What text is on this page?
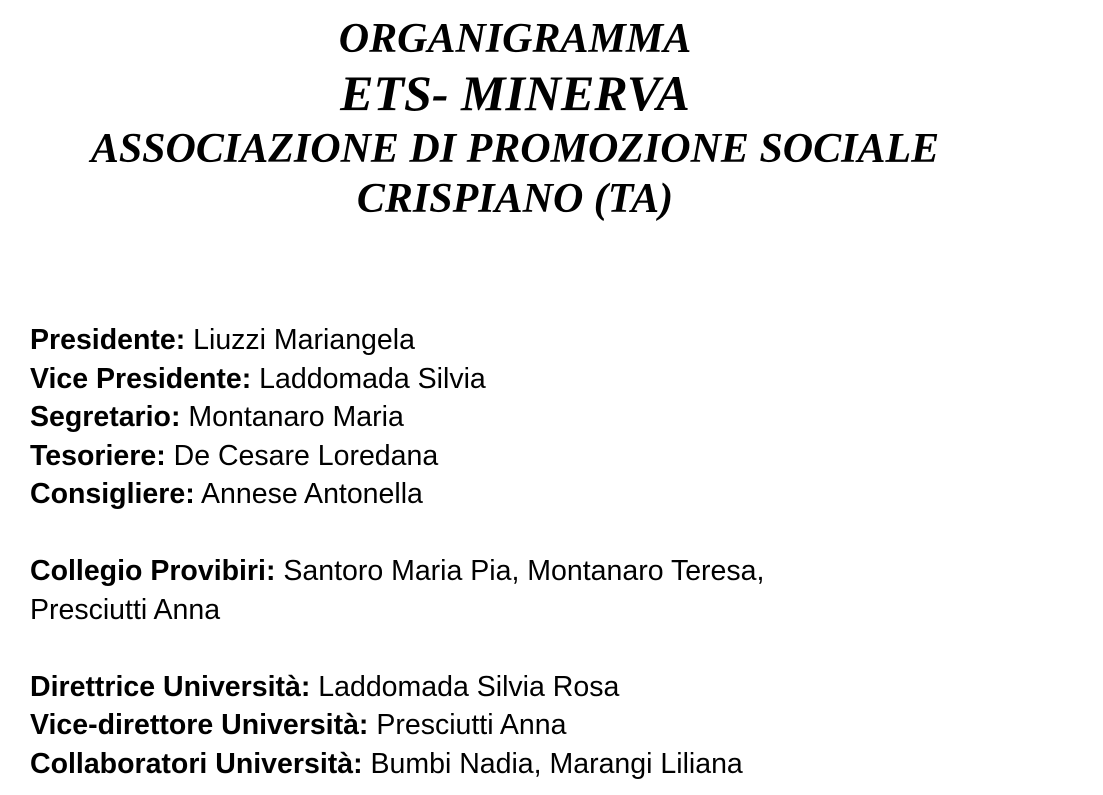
ORGANIGRAMMA
ETS- MINERVA
ASSOCIAZIONE DI PROMOZIONE SOCIALE
CRISPIANO (TA)
Presidente: Liuzzi Mariangela
Vice Presidente: Laddomada Silvia
Segretario: Montanaro Maria
Tesoriere: De Cesare Loredana
Consigliere: Annese Antonella
Collegio Provibiri: Santoro Maria Pia, Montanaro Teresa,
Presciutti Anna
Direttrice Università: Laddomada Silvia Rosa
Vice-direttore Università: Presciutti Anna
Collaboratori Università: Bumbi Nadia, Marangi Liliana
